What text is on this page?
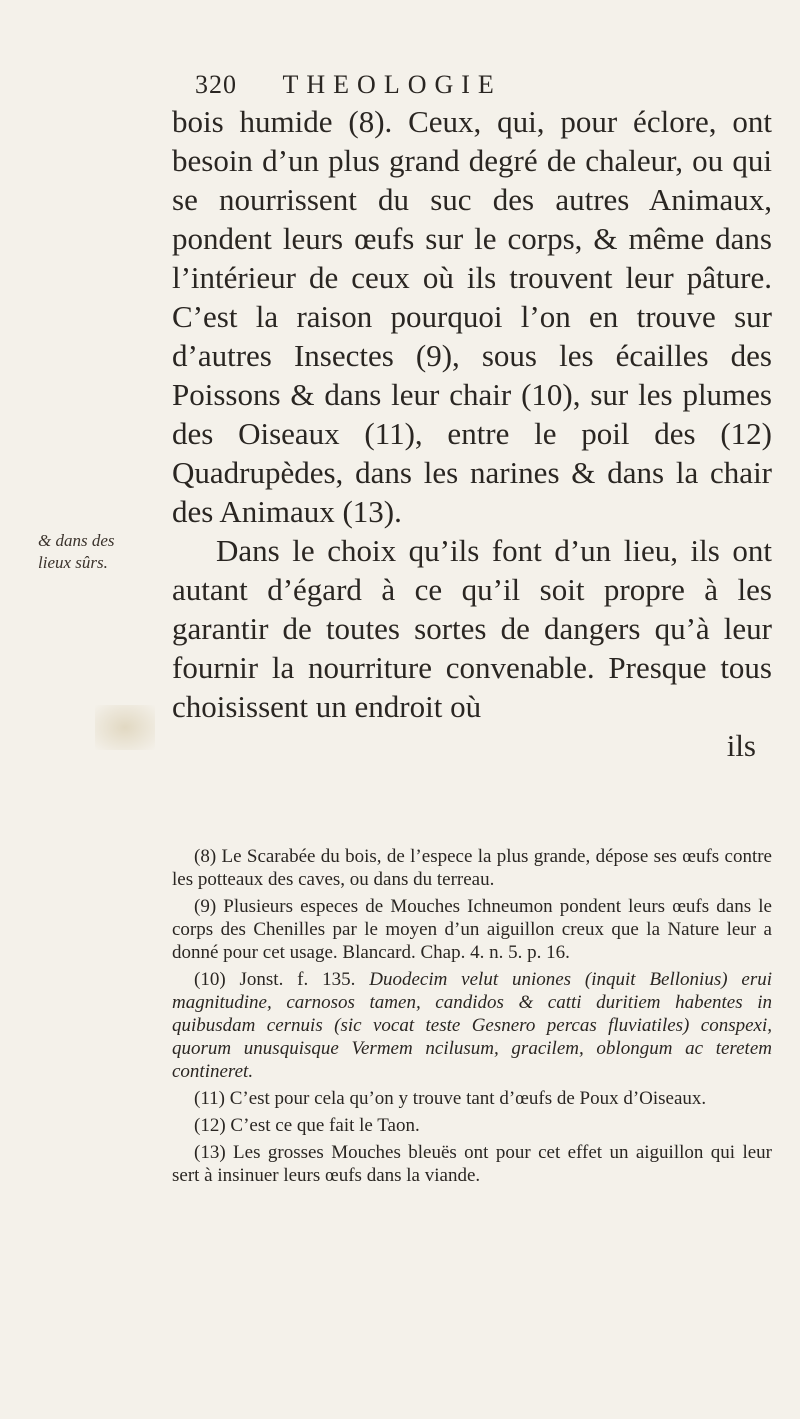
320 THEOLOGIE
& dans des lieux sûrs.

bois humide (8). Ceux, qui, pour éclore, ont besoin d’un plus grand degré de chaleur, ou qui se nourrissent du suc des autres Animaux, pondent leurs œufs sur le corps, & même dans l’intérieur de ceux où ils trouvent leur pâture. C’est la raison pourquoi l’on en trouve sur d’autres Insectes (9), sous les écailles des Poissons & dans leur chair (10), sur les plumes des Oiseaux (11), entre le poil des (12) Quadrupèdes, dans les narines & dans la chair des Animaux (13).

Dans le choix qu’ils font d’un lieu, ils ont autant d’égard à ce qu’il soit propre à les garantir de toutes sortes de dangers qu’à leur fournir la nourriture convenable. Presque tous choisissent un endroit où

ils

(8) Le Scarabée du bois, de l’espece la plus grande, dépose ses œufs contre les potteaux des caves, ou dans du terreau.

(9) Plusieurs especes de Mouches Ichneumon pondent leurs œufs dans le corps des Chenilles par le moyen d’un aiguillon creux que la Nature leur a donné pour cet usage. Blancard. Chap. 4. n. 5. p. 16.

(10) Jonst. f. 135. Duodecim velut uniones (inquit Bellonius) erui magnitudine, carnosos tamen, candidos & catti duritiem habentes in quibusdam cernuis (sic vocat teste Gesnero percas fluviatiles) conspexi, quorum unusquisque Vermem ncilusum, gracilem, oblongum ac teretem contineret.

(11) C’est pour cela qu’on y trouve tant d’œufs de Poux d’Oiseaux.

(12) C’est ce que fait le Taon.

(13) Les grosses Mouches bleuës ont pour cet effet un aiguillon qui leur sert à insinuer leurs œufs dans la viande.
